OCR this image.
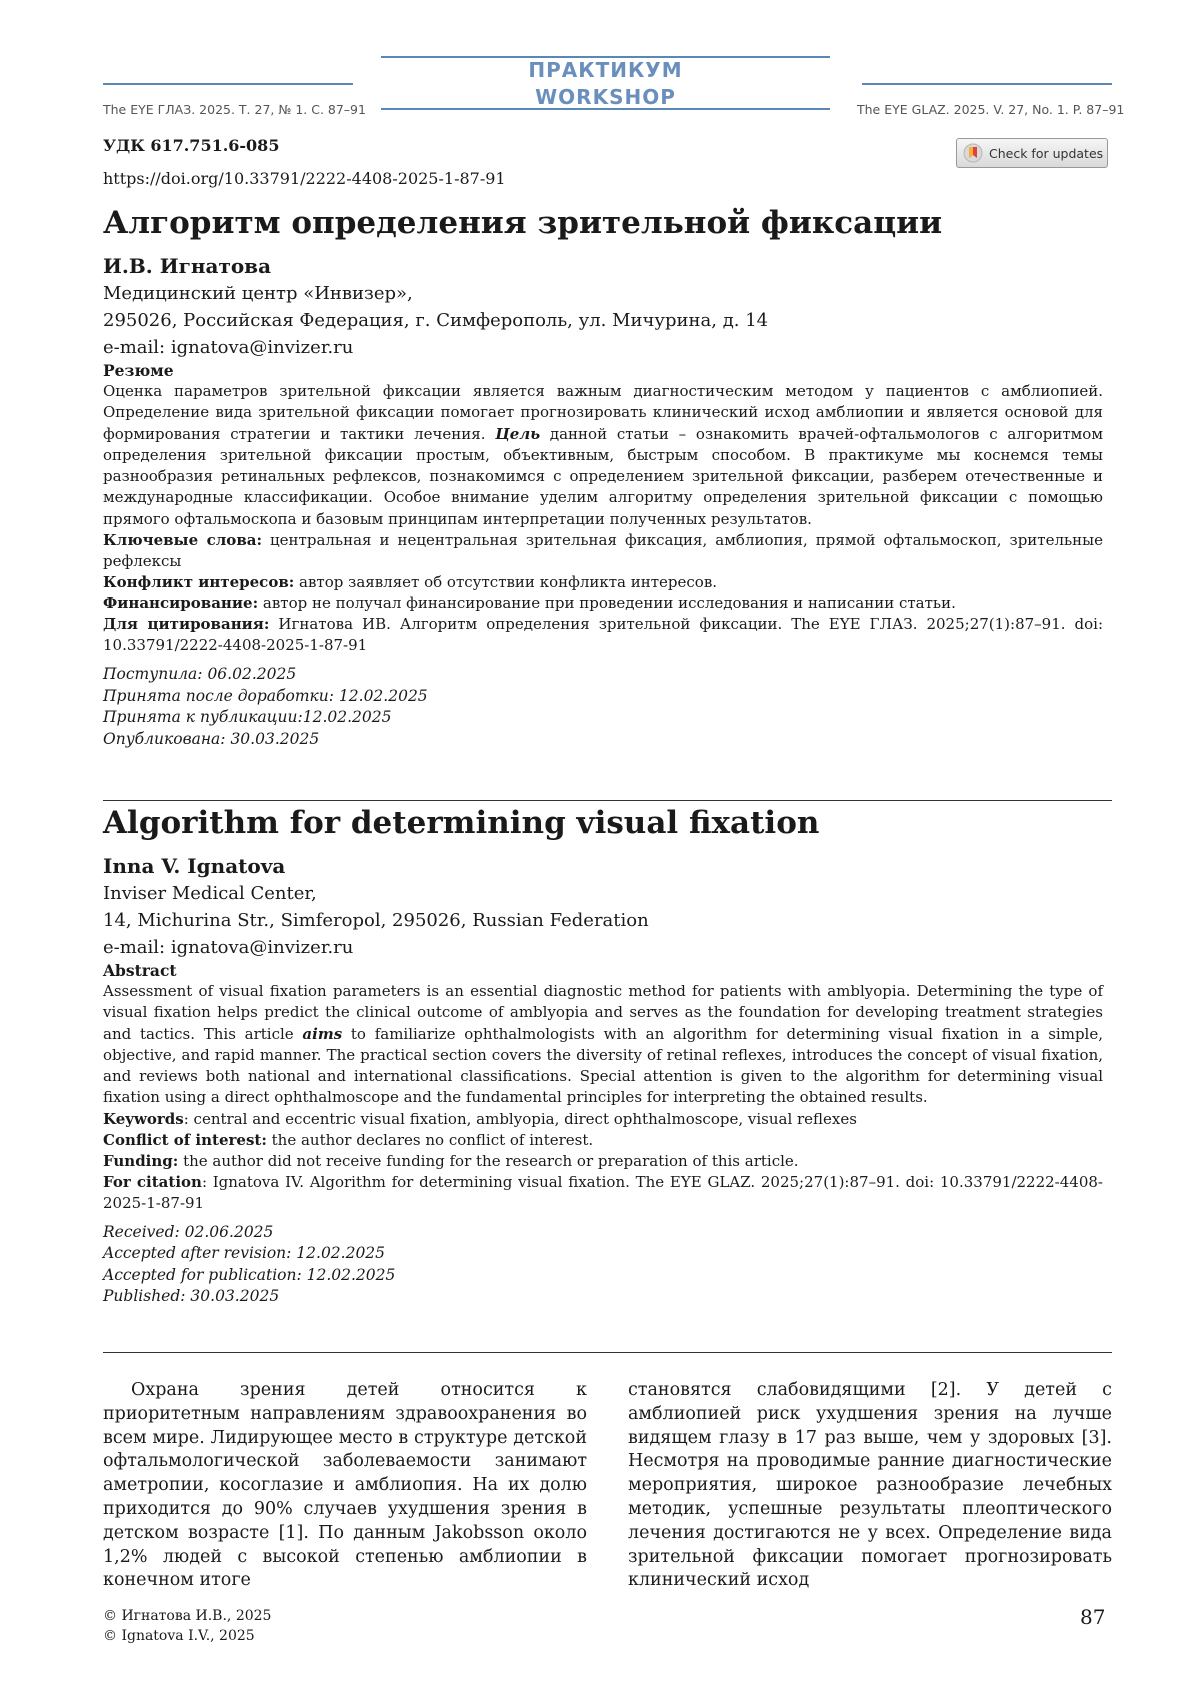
The EYE ГЛАЗ. 2025. Т. 27, № 1. С. 87–91	The EYE GLAZ. 2025. V. 27, No. 1. P. 87–91
ПРАКТИКУМ
WORKSHOP
УДК 617.751.6-085
https://doi.org/10.33791/2222-4408-2025-1-87-91
Check for updates
Алгоритм определения зрительной фиксации
И.В. Игнатова
Медицинский центр «Инвизер»,
295026, Российская Федерация, г. Симферополь, ул. Мичурина, д. 14
e-mail: ignatova@invizer.ru
Резюме

Оценка параметров зрительной фиксации является важным диагностическим методом у пациентов с амблиопией. Определение вида зрительной фиксации помогает прогнозировать клинический исход амблиопии и является основой для формирования стратегии и тактики лечения. Цель данной статьи – ознакомить врачей-офтальмологов с алгоритмом определения зрительной фиксации простым, объективным, быстрым способом. В практикуме мы коснемся темы разнообразия ретинальных рефлексов, познакомимся с определением зрительной фиксации, разберем отечественные и международные классификации. Особое внимание уделим алгоритму определения зрительной фиксации с помощью прямого офтальмоскопа и базовым принципам интерпретации полученных результатов.

Ключевые слова: центральная и нецентральная зрительная фиксация, амблиопия, прямой офтальмоскоп, зрительные рефлексы

Конфликт интересов: автор заявляет об отсутствии конфликта интересов.

Финансирование: автор не получал финансирование при проведении исследования и написании статьи.

Для цитирования: Игнатова ИВ. Алгоритм определения зрительной фиксации. The EYE ГЛАЗ. 2025;27(1):87–91. doi: 10.33791/2222-4408-2025-1-87-91

Поступила: 06.02.2025
Принята после доработки: 12.02.2025
Принята к публикации:12.02.2025
Опубликована: 30.03.2025
Algorithm for determining visual fixation
Inna V. Ignatova
Inviser Medical Center,
14, Michurina Str., Simferopol, 295026, Russian Federation
e-mail: ignatova@invizer.ru
Abstract

Assessment of visual fixation parameters is an essential diagnostic method for patients with amblyopia. Determining the type of visual fixation helps predict the clinical outcome of amblyopia and serves as the foundation for developing treatment strategies and tactics. This article aims to familiarize ophthalmologists with an algorithm for determining visual fixation in a simple, objective, and rapid manner. The practical section covers the diversity of retinal reflexes, introduces the concept of visual fixation, and reviews both national and international classifications. Special attention is given to the algorithm for determining visual fixation using a direct ophthalmoscope and the fundamental principles for interpreting the obtained results.

Keywords: central and eccentric visual fixation, amblyopia, direct ophthalmoscope, visual reflexes

Conflict of interest: the author declares no conflict of interest.

Funding: the author did not receive funding for the research or preparation of this article.

For citation: Ignatova IV. Algorithm for determining visual fixation. The EYE GLAZ. 2025;27(1):87–91. doi: 10.33791/2222-4408-2025-1-87-91

Received: 02.06.2025
Accepted after revision: 12.02.2025
Accepted for publication: 12.02.2025
Published: 30.03.2025

Охрана зрения детей относится к приоритетным направлениям здравоохранения во всем мире. Лидирующее место в структуре детской офтальмологической заболеваемости занимают аметропии, косоглазие и амблиопия. На их долю приходится до 90% случаев ухудшения зрения в детском возрасте [1]. По данным Jakobsson около 1,2% людей с высокой степенью амблиопии в конечном итоге

становятся слабовидящими [2]. У детей с амблиопией риск ухудшения зрения на лучше видящем глазу в 17 раз выше, чем у здоровых [3]. Несмотря на проводимые ранние диагностические мероприятия, широкое разнообразие лечебных методик, успешные результаты плеоптического лечения достигаются не у всех. Определение вида зрительной фиксации помогает прогнозировать клинический исход

© Игнатова И.В., 2025
© Ignatova I.V., 2025
87
